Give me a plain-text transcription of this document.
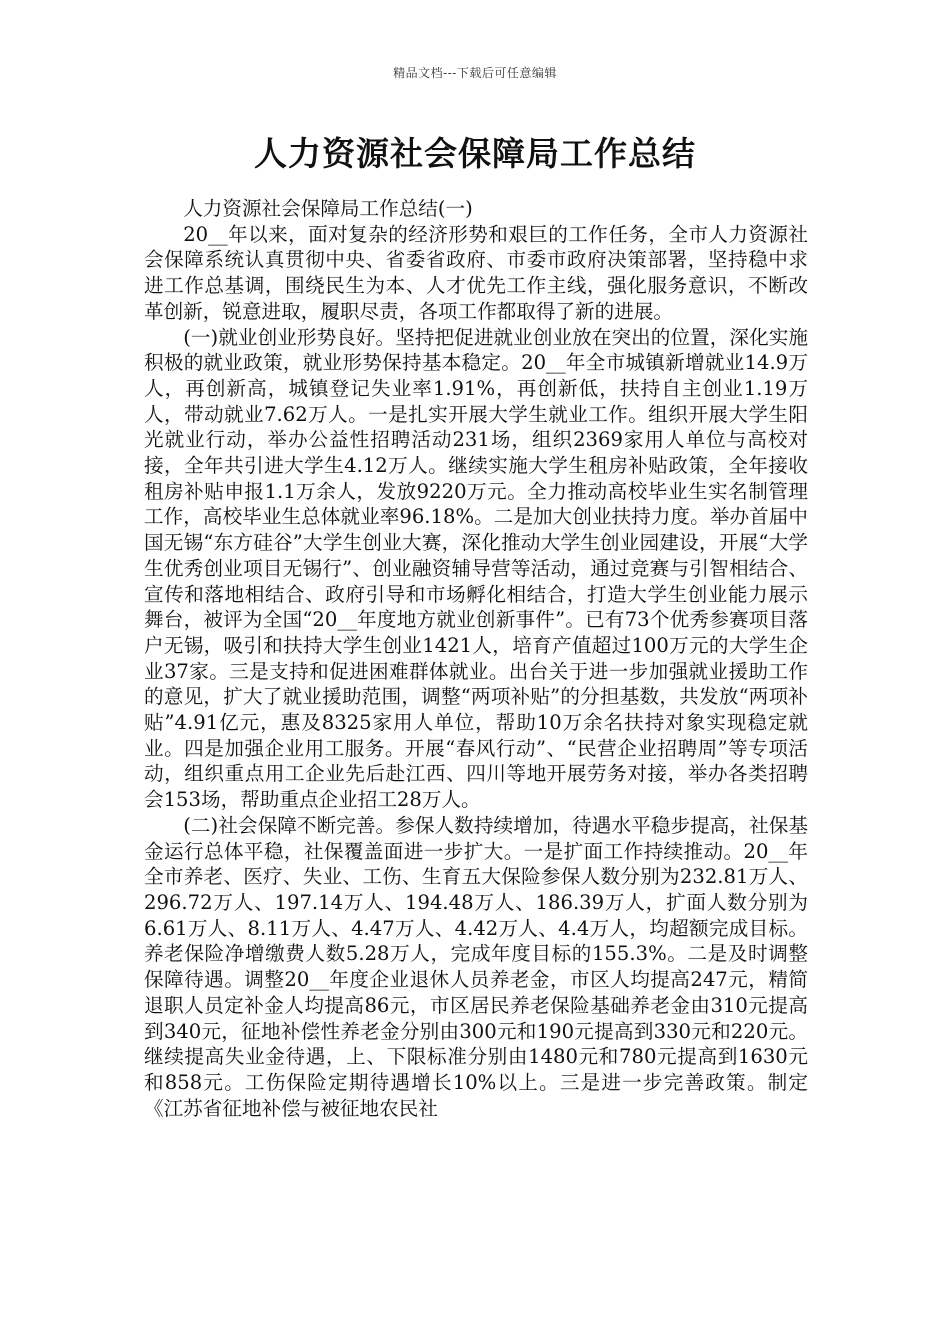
精品文档---下载后可任意编辑
人力资源社会保障局工作总结

人力资源社会保障局工作总结(一)

20__年以来，面对复杂的经济形势和艰巨的工作任务，全市人力资源社会保障系统认真贯彻中央、省委省政府、市委市政府决策部署，坚持稳中求进工作总基调，围绕民生为本、人才优先工作主线，强化服务意识，不断改革创新，锐意进取，履职尽责，各项工作都取得了新的进展。

(一)就业创业形势良好。坚持把促进就业创业放在突出的位置，深化实施积极的就业政策，就业形势保持基本稳定。20__年全市城镇新增就业14.9万人，再创新高，城镇登记失业率1.91%，再创新低，扶持自主创业1.19万人，带动就业7.62万人。一是扎实开展大学生就业工作。组织开展大学生阳光就业行动，举办公益性招聘活动231场，组织2369家用人单位与高校对接，全年共引进大学生4.12万人。继续实施大学生租房补贴政策，全年接收租房补贴申报1.1万余人，发放9220万元。全力推动高校毕业生实名制管理工作，高校毕业生总体就业率96.18%。二是加大创业扶持力度。举办首届中国无锡“东方硅谷”大学生创业大赛，深化推动大学生创业园建设，开展“大学生优秀创业项目无锡行”、创业融资辅导营等活动，通过竞赛与引智相结合、宣传和落地相结合、政府引导和市场孵化相结合，打造大学生创业能力展示舞台，被评为全国“20__年度地方就业创新事件”。已有73个优秀参赛项目落户无锡，吸引和扶持大学生创业1421人，培育产值超过100万元的大学生企业37家。三是支持和促进困难群体就业。出台关于进一步加强就业援助工作的意见，扩大了就业援助范围，调整“两项补贴”的分担基数，共发放“两项补贴”4.91亿元，惠及8325家用人单位，帮助10万余名扶持对象实现稳定就业。四是加强企业用工服务。开展“春风行动”、“民营企业招聘周”等专项活动，组织重点用工企业先后赴江西、四川等地开展劳务对接，举办各类招聘会153场，帮助重点企业招工28万人。

(二)社会保障不断完善。参保人数持续增加，待遇水平稳步提高，社保基金运行总体平稳，社保覆盖面进一步扩大。一是扩面工作持续推动。20__年全市养老、医疗、失业、工伤、生育五大保险参保人数分别为232.81万人、296.72万人、197.14万人、194.48万人、186.39万人，扩面人数分别为6.61万人、8.11万人、4.47万人、4.42万人、4.4万人，均超额完成目标。养老保险净增缴费人数5.28万人，完成年度目标的155.3%。二是及时调整保障待遇。调整20__年度企业退休人员养老金，市区人均提高247元，精简退职人员定补金人均提高86元，市区居民养老保险基础养老金由310元提高到340元，征地补偿性养老金分别由300元和190元提高到330元和220元。继续提高失业金待遇，上、下限标准分别由1480元和780元提高到1630元和858元。工伤保险定期待遇增长10%以上。三是进一步完善政策。制定《江苏省征地补偿与被征地农民社
